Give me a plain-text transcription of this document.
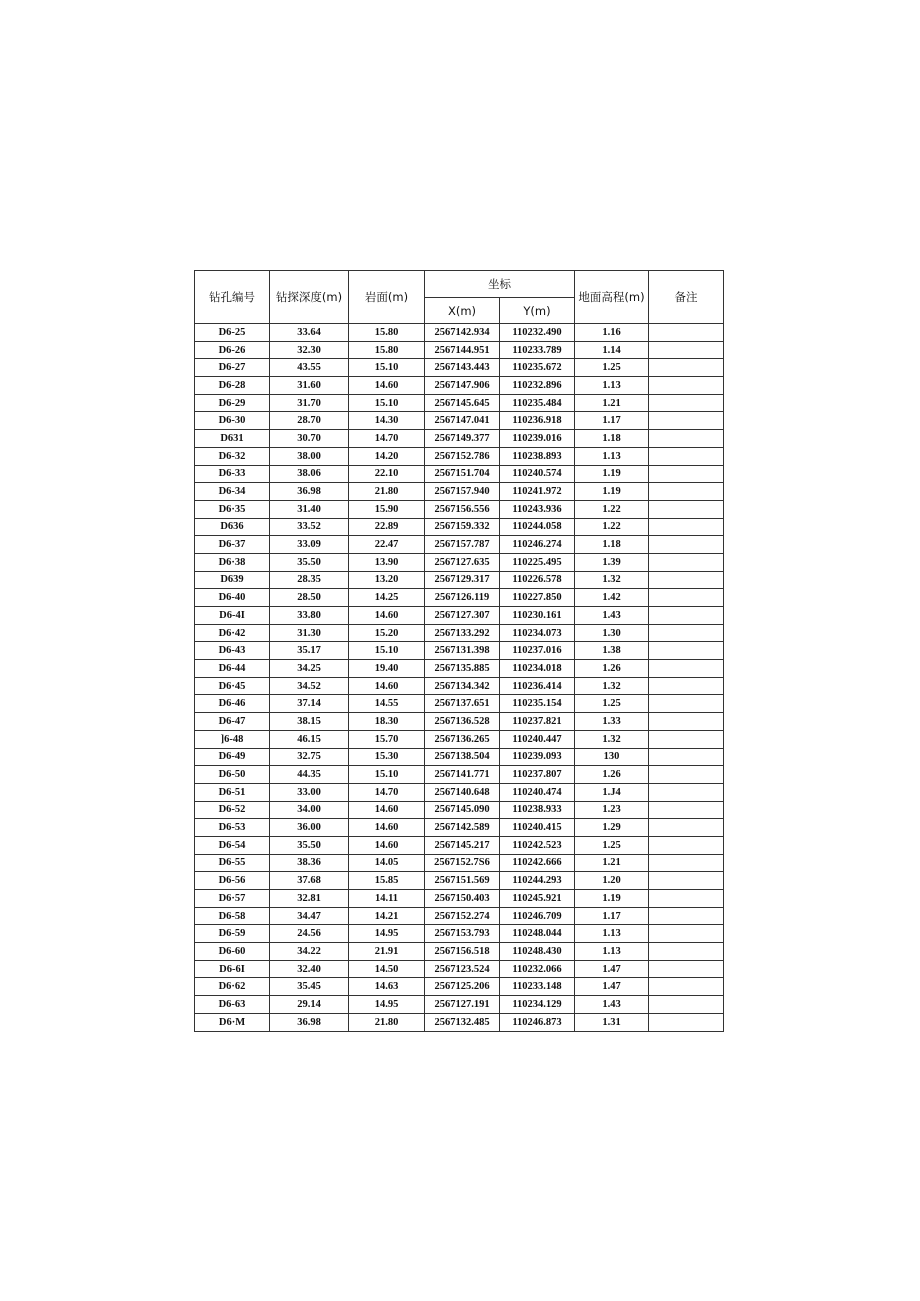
钻孔编号	钻探深度(m)	岩面(m)	坐标		地面高程(m)	备注
			X(m)	Y(m)		
D6-25	33.64	15.80	2567142.934	110232.490	1.16	
D6-26	32.30	15.80	2567144.951	110233.789	1.14	
D6-27	43.55	15.10	2567143.443	110235.672	1.25	
D6-28	31.60	14.60	2567147.906	110232.896	1.13	
D6-29	31.70	15.10	2567145.645	110235.484	1.21	
D6-30	28.70	14.30	2567147.041	110236.918	1.17	
D631	30.70	14.70	2567149.377	110239.016	1.18	
D6-32	38.00	14.20	2567152.786	110238.893	1.13	
D6-33	38.06	22.10	2567151.704	110240.574	1.19	
D6-34	36.98	21.80	2567157.940	110241.972	1.19	
D6·35	31.40	15.90	2567156.556	110243.936	1.22	
D636	33.52	22.89	2567159.332	110244.058	1.22	
D6-37	33.09	22.47	2567157.787	110246.274	1.18	
D6·38	35.50	13.90	2567127.635	110225.495	1.39	
D639	28.35	13.20	2567129.317	110226.578	1.32	
D6-40	28.50	14.25	2567126.119	110227.850	1.42	
D6-4I	33.80	14.60	2567127.307	110230.161	1.43	
D6·42	31.30	15.20	2567133.292	110234.073	1.30	
D6-43	35.17	15.10	2567131.398	110237.016	1.38	
D6-44	34.25	19.40	2567135.885	110234.018	1.26	
D6·45	34.52	14.60	2567134.342	110236.414	1.32	
D6-46	37.14	14.55	2567137.651	110235.154	1.25	
D6-47	38.15	18.30	2567136.528	110237.821	1.33	
]6-48	46.15	15.70	2567136.265	110240.447	1.32	
D6-49	32.75	15.30	2567138.504	110239.093	130	
D6-50	44.35	15.10	2567141.771	110237.807	1.26	
D6-51	33.00	14.70	2567140.648	110240.474	1.J4	
D6-52	34.00	14.60	2567145.090	110238.933	1.23	
D6-53	36.00	14.60	2567142.589	110240.415	1.29	
D6-54	35.50	14.60	2567145.217	110242.523	1.25	
D6-55	38.36	14.05	2567152.7S6	110242.666	1.21	
D6-56	37.68	15.85	2567151.569	110244.293	1.20	
D6·57	32.81	14.11	2567150.403	110245.921	1.19	
D6-58	34.47	14.21	2567152.274	110246.709	1.17	
D6-59	24.56	14.95	2567153.793	110248.044	1.13	
D6-60	34.22	21.91	2567156.518	110248.430	1.13	
D6-6I	32.40	14.50	2567123.524	110232.066	1.47	
D6·62	35.45	14.63	2567125.206	110233.148	1.47	
D6-63	29.14	14.95	2567127.191	110234.129	1.43	
D6·M	36.98	21.80	2567132.485	110246.873	1.31	
